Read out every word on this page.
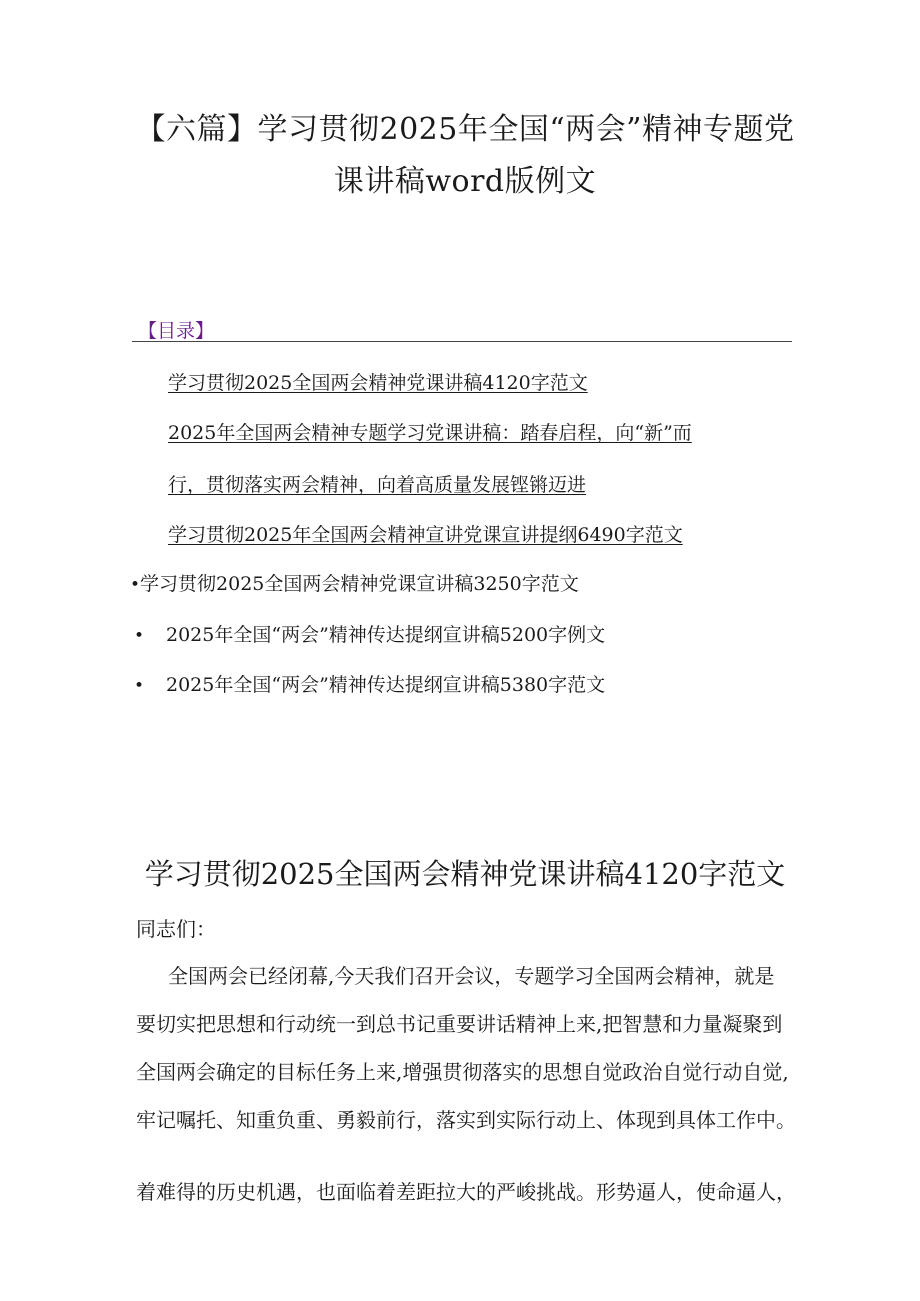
【六篇】学习贯彻2025年全国“两会”精神专题党
课讲稿word版例文
【目录】
学习贯彻2025全国两会精神党课讲稿4120字范文
2025年全国两会精神专题学习党课讲稿：踏春启程，向“新”而
行，贯彻落实两会精神，向着高质量发展铿锵迈进
学习贯彻2025年全国两会精神宣讲党课宣讲提纲6490字范文
•学习贯彻2025全国两会精神党课宣讲稿3250字范文
• 2025年全国“两会”精神传达提纲宣讲稿5200字例文
• 2025年全国“两会”精神传达提纲宣讲稿5380字范文
学习贯彻2025全国两会精神党课讲稿4120字范文
同志们：
全国两会已经闭幕,今天我们召开会议，专题学习全国两会精神，就是
要切实把思想和行动统一到总书记重要讲话精神上来,把智慧和力量凝聚到
全国两会确定的目标任务上来,增强贯彻落实的思想自觉政治自觉行动自觉,
牢记嘱托、知重负重、勇毅前行，落实到实际行动上、体现到具体工作中。
着难得的历史机遇，也面临着差距拉大的严峻挑战。形势逼人，使命逼人，
